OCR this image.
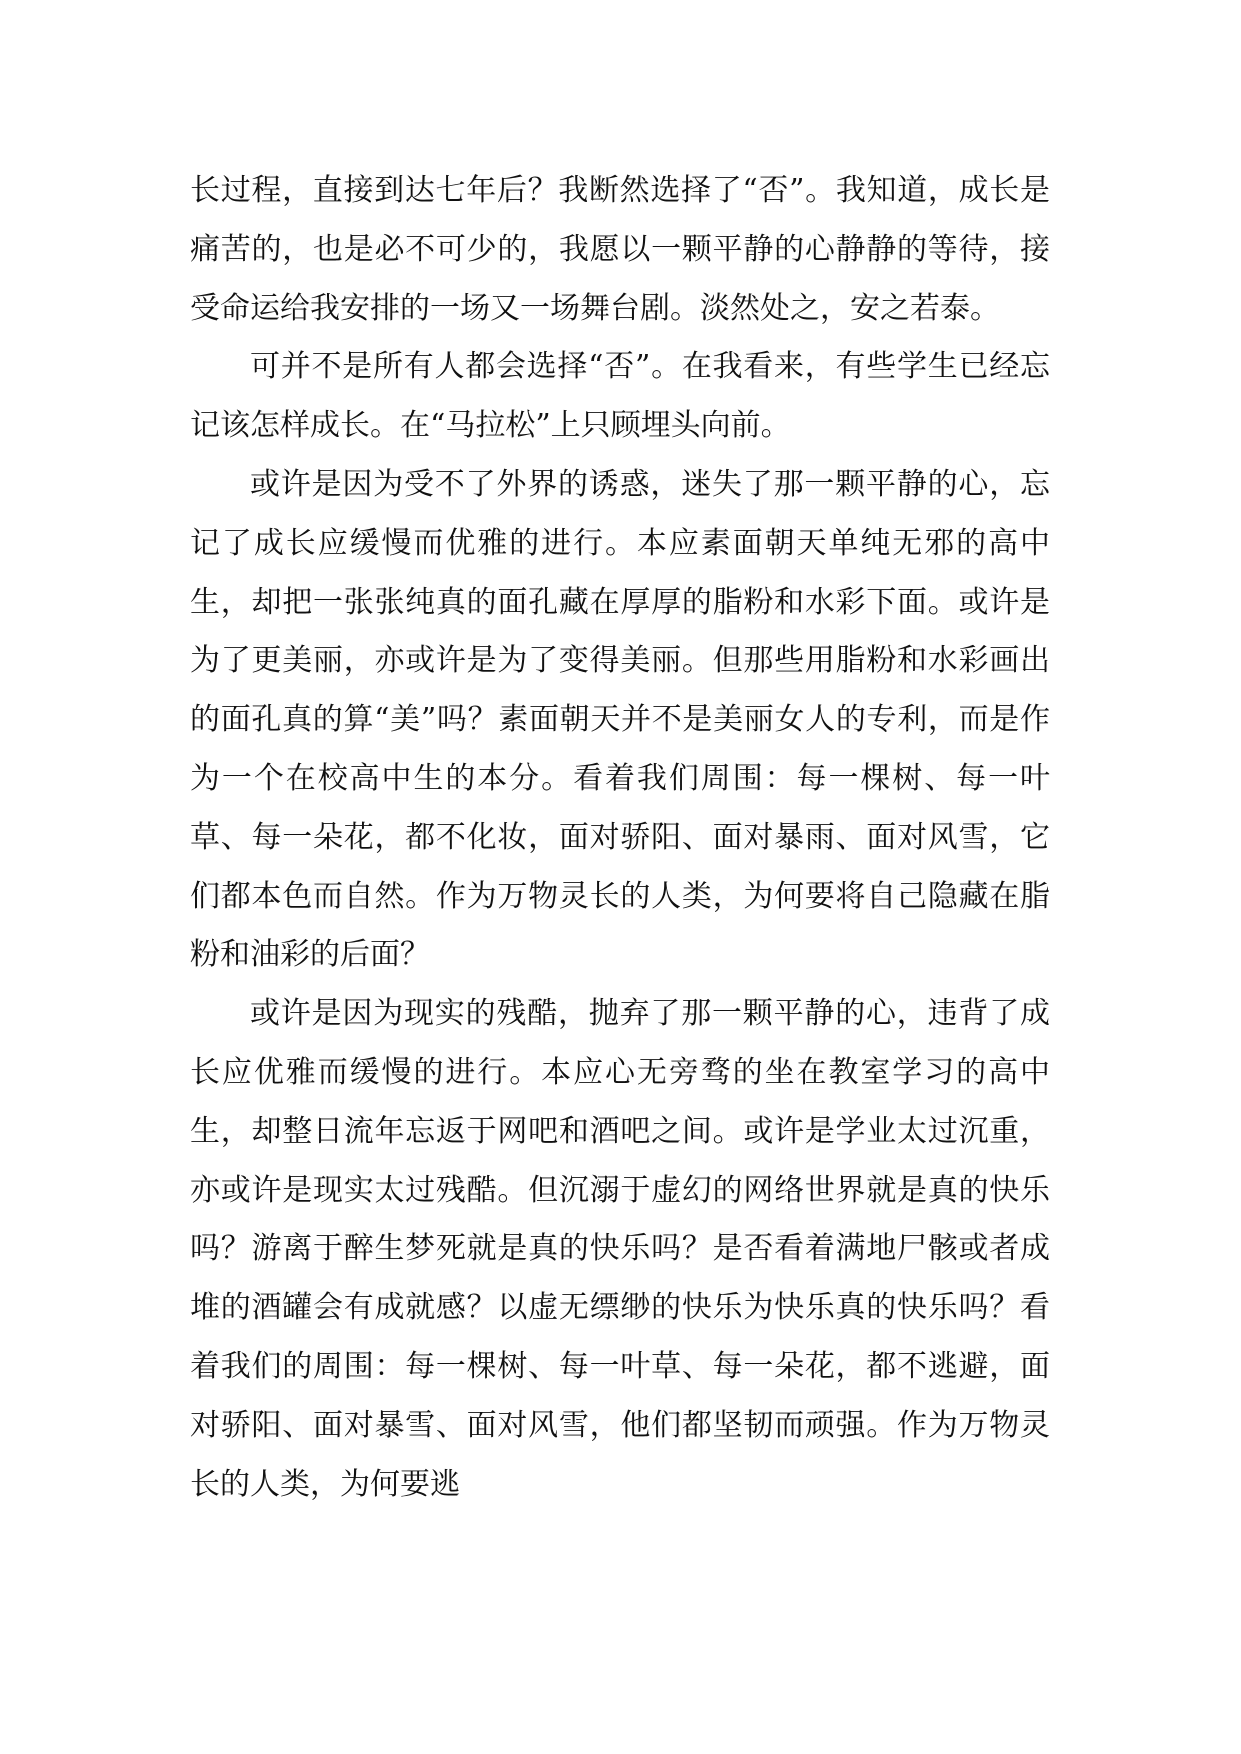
长过程，直接到达七年后？我断然选择了“否”。我知道，成长是痛苦的，也是必不可少的，我愿以一颗平静的心静静的等待，接受命运给我安排的一场又一场舞台剧。淡然处之，安之若泰。

可并不是所有人都会选择“否”。在我看来，有些学生已经忘记该怎样成长。在“马拉松”上只顾埋头向前。

或许是因为受不了外界的诱惑，迷失了那一颗平静的心，忘记了成长应缓慢而优雅的进行。本应素面朝天单纯无邪的高中生，却把一张张纯真的面孔藏在厚厚的脂粉和水彩下面。或许是为了更美丽，亦或许是为了变得美丽。但那些用脂粉和水彩画出的面孔真的算“美”吗？素面朝天并不是美丽女人的专利，而是作为一个在校高中生的本分。看着我们周围：每一棵树、每一叶草、每一朵花，都不化妆，面对骄阳、面对暴雨、面对风雪，它们都本色而自然。作为万物灵长的人类，为何要将自己隐藏在脂粉和油彩的后面？

或许是因为现实的残酷，抛弃了那一颗平静的心，违背了成长应优雅而缓慢的进行。本应心无旁骛的坐在教室学习的高中生，却整日流年忘返于网吧和酒吧之间。或许是学业太过沉重，亦或许是现实太过残酷。但沉溺于虚幻的网络世界就是真的快乐吗？游离于醉生梦死就是真的快乐吗？是否看着满地尸骸或者成堆的酒罐会有成就感？以虚无缥缈的快乐为快乐真的快乐吗？看着我们的周围：每一棵树、每一叶草、每一朵花，都不逃避，面对骄阳、面对暴雪、面对风雪，他们都坚韧而顽强。作为万物灵长的人类，为何要逃
